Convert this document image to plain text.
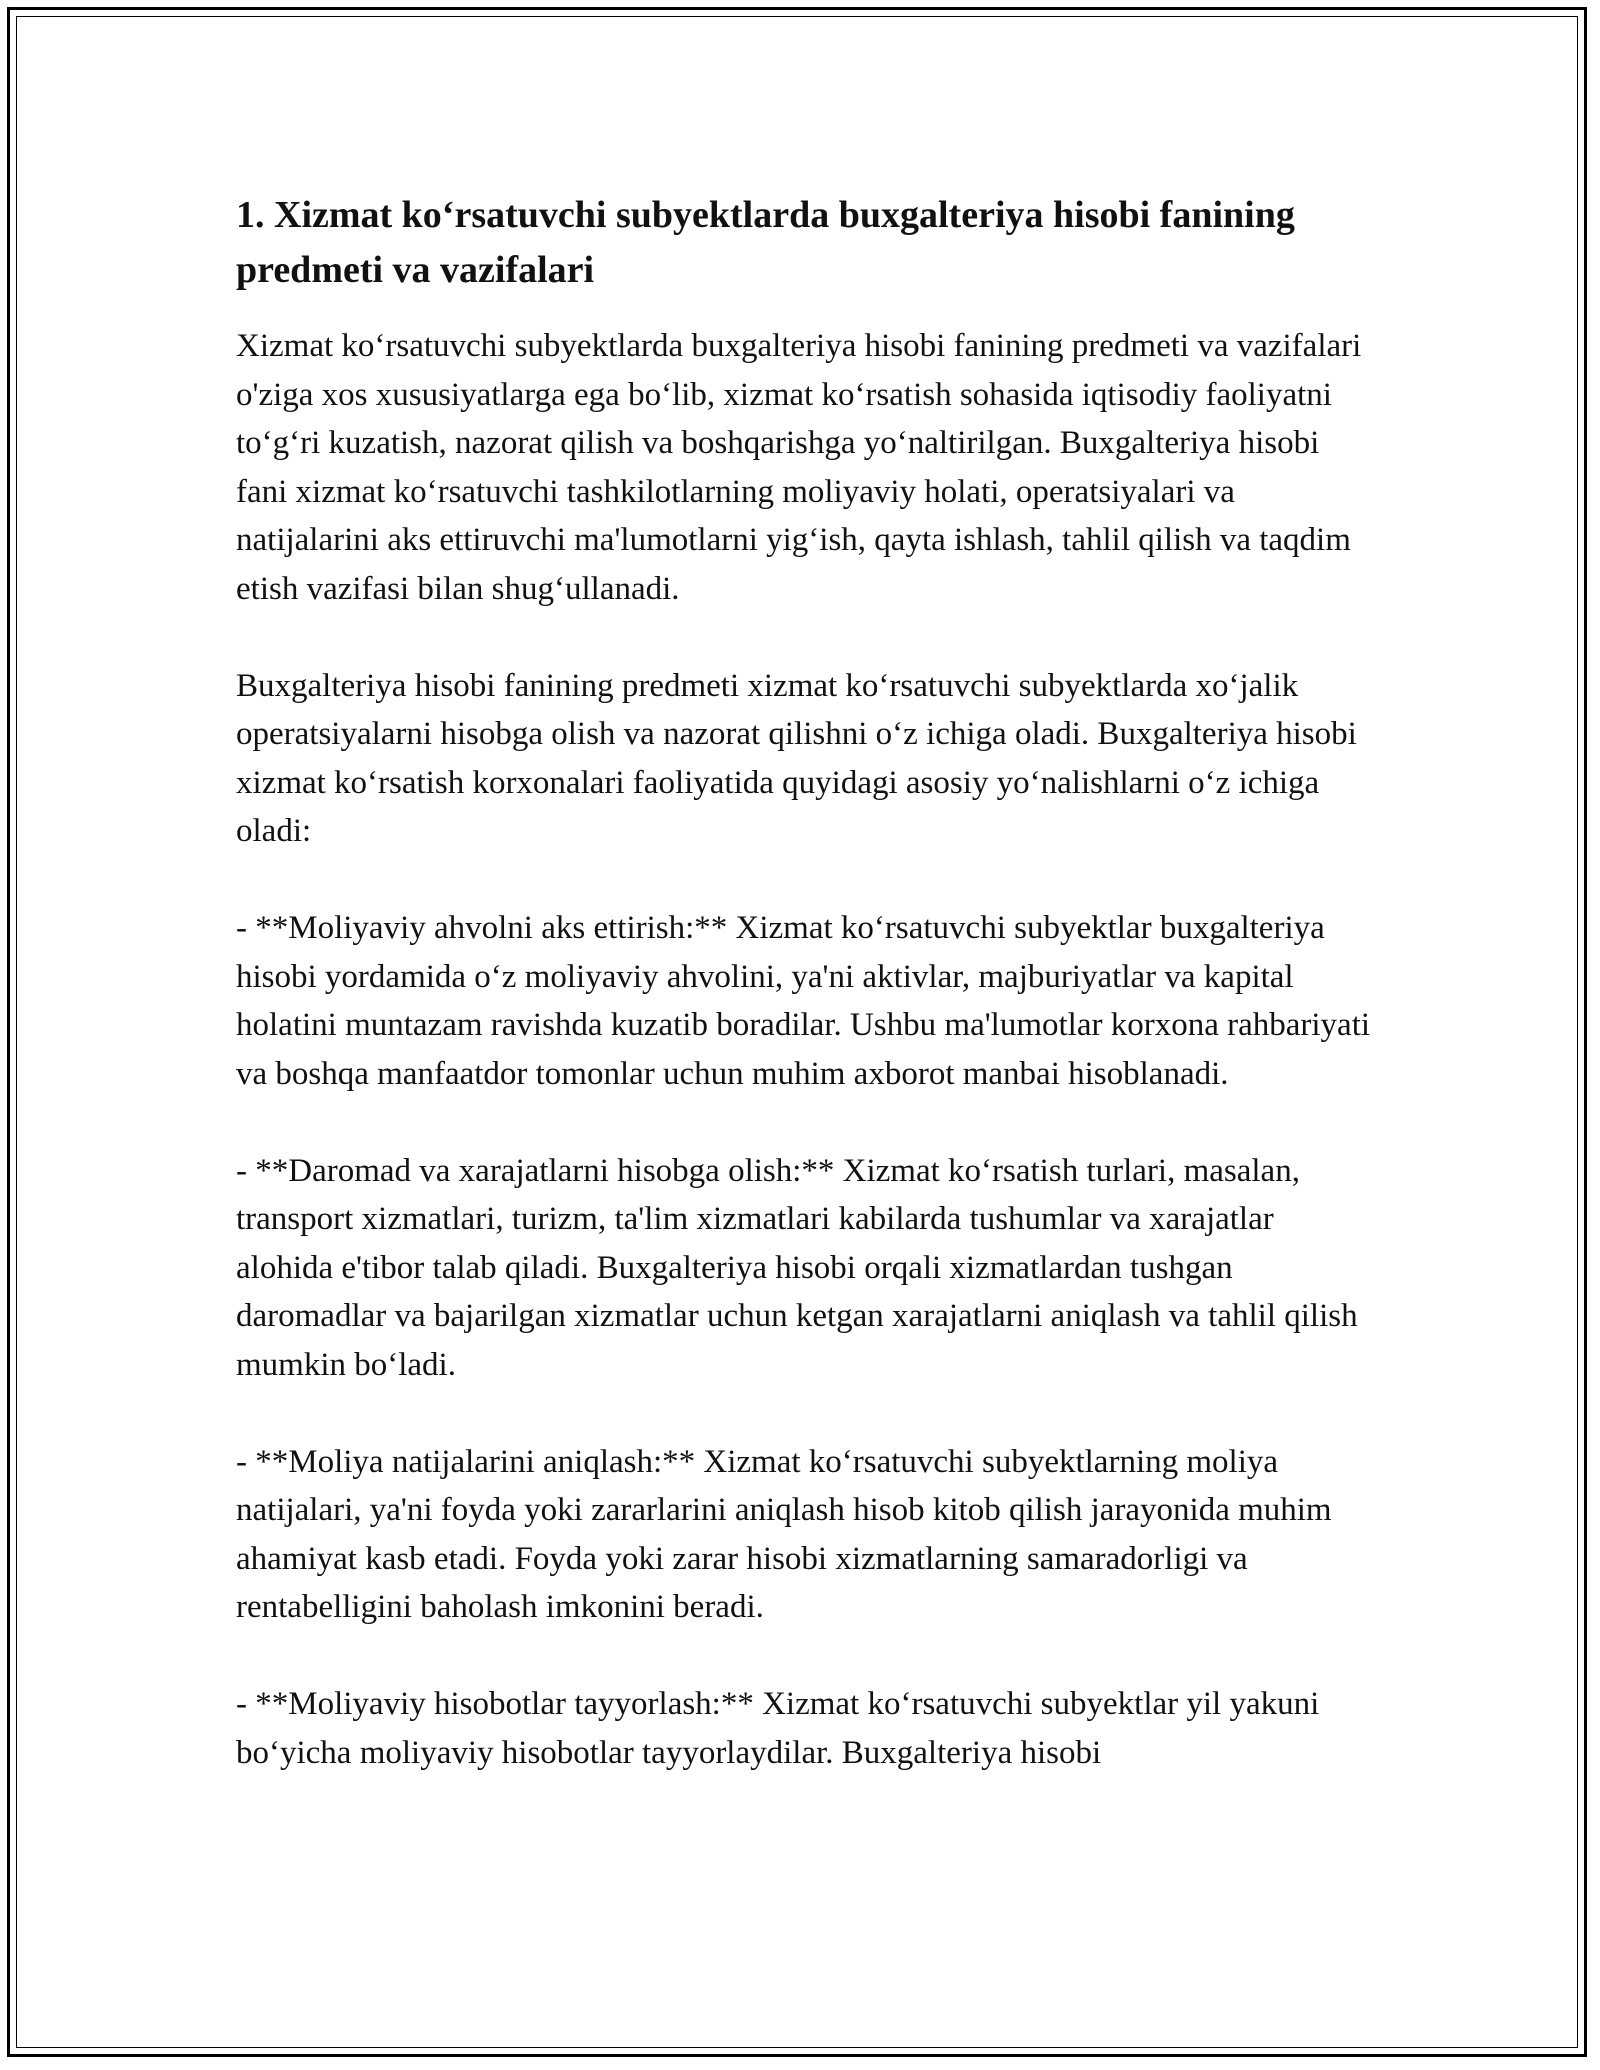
1. Xizmat koʻrsatuvchi subyektlarda buxgalteriya hisobi fanining predmeti va vazifalari

Xizmat koʻrsatuvchi subyektlarda buxgalteriya hisobi fanining predmeti va vazifalari o'ziga xos xususiyatlarga ega boʻlib, xizmat koʻrsatish sohasida iqtisodiy faoliyatni toʻgʻri kuzatish, nazorat qilish va boshqarishga yoʻnaltirilgan. Buxgalteriya hisobi fani xizmat koʻrsatuvchi tashkilotlarning moliyaviy holati, operatsiyalari va natijalarini aks ettiruvchi ma'lumotlarni yigʻish, qayta ishlash, tahlil qilish va taqdim etish vazifasi bilan shugʻullanadi.

Buxgalteriya hisobi fanining predmeti xizmat koʻrsatuvchi subyektlarda xoʻjalik operatsiyalarni hisobga olish va nazorat qilishni oʻz ichiga oladi. Buxgalteriya hisobi xizmat koʻrsatish korxonalari faoliyatida quyidagi asosiy yoʻnalishlarni oʻz ichiga oladi:

- **Moliyaviy ahvolni aks ettirish:** Xizmat koʻrsatuvchi subyektlar buxgalteriya hisobi yordamida oʻz moliyaviy ahvolini, ya'ni aktivlar, majburiyatlar va kapital holatini muntazam ravishda kuzatib boradilar. Ushbu ma'lumotlar korxona rahbariyati va boshqa manfaatdor tomonlar uchun muhim axborot manbai hisoblanadi.

- **Daromad va xarajatlarni hisobga olish:** Xizmat koʻrsatish turlari, masalan, transport xizmatlari, turizm, ta'lim xizmatlari kabilarda tushumlar va xarajatlar alohida e'tibor talab qiladi. Buxgalteriya hisobi orqali xizmatlardan tushgan daromadlar va bajarilgan xizmatlar uchun ketgan xarajatlarni aniqlash va tahlil qilish mumkin boʻladi.

- **Moliya natijalarini aniqlash:** Xizmat koʻrsatuvchi subyektlarning moliya natijalari, ya'ni foyda yoki zararlarini aniqlash hisob kitob qilish jarayonida muhim ahamiyat kasb etadi. Foyda yoki zarar hisobi xizmatlarning samaradorligi va rentabelligini baholash imkonini beradi.

- **Moliyaviy hisobotlar tayyorlash:** Xizmat koʻrsatuvchi subyektlar yil yakuni boʻyicha moliyaviy hisobotlar tayyorlaydilar. Buxgalteriya hisobi
